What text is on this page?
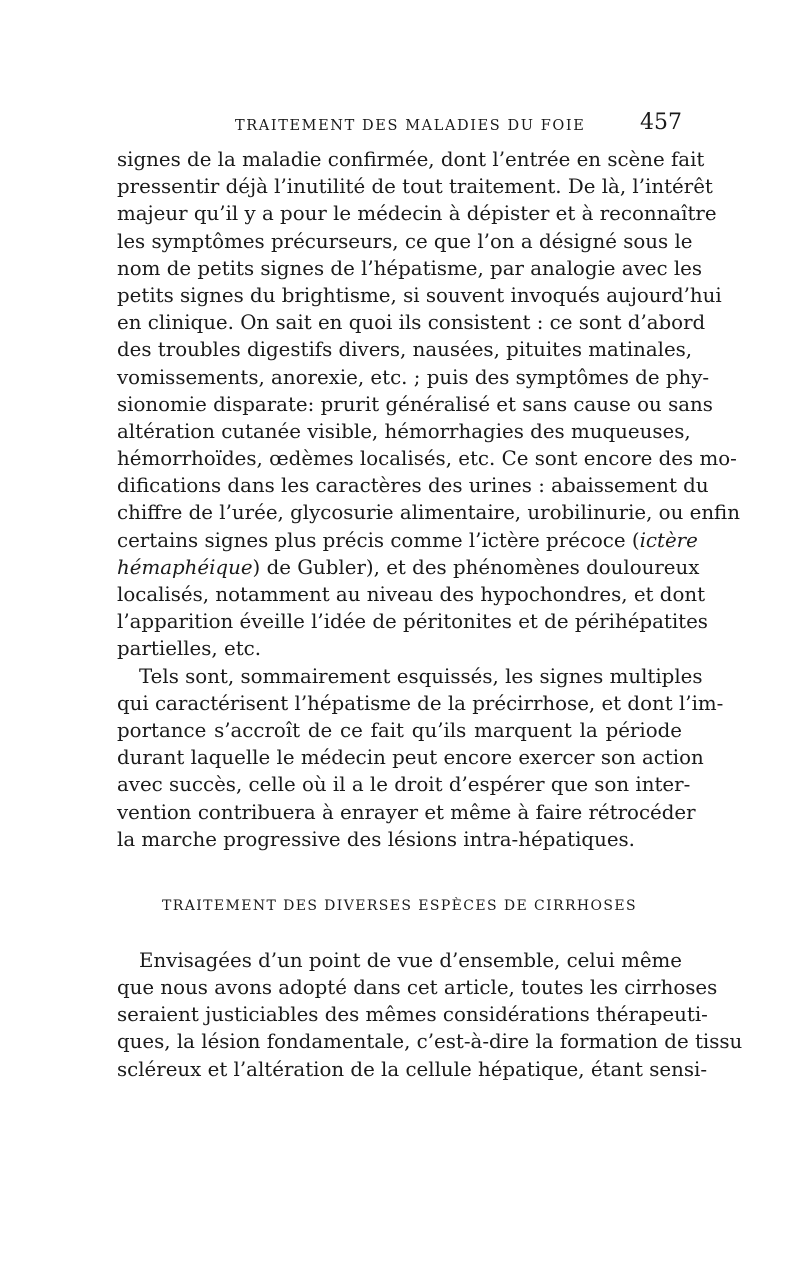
TRAITEMENT DES MALADIES DU FOIE 457
signes de la maladie confirmée, dont l’entrée en scène fait
pressentir déjà l’inutilité de tout traitement. De là, l’intérêt
majeur qu’il y a pour le médecin à dépister et à reconnaître
les symptômes précurseurs, ce que l’on a désigné sous le
nom de petits signes de l’hépatisme, par analogie avec les
petits signes du brightisme, si souvent invoqués aujourd’hui
en clinique. On sait en quoi ils consistent : ce sont d’abord
des troubles digestifs divers, nausées, pituites matinales,
vomissements, anorexie, etc. ; puis des symptômes de phy-
sionomie disparate: prurit généralisé et sans cause ou sans
altération cutanée visible, hémorrhagies des muqueuses,
hémorrhoïdes, œdèmes localisés, etc. Ce sont encore des mo-
difications dans les caractères des urines : abaissement du
chiffre de l’urée, glycosurie alimentaire, urobilinurie, ou enfin
certains signes plus précis comme l’ictère précoce (ictère
hémaphéique) de Gubler), et des phénomènes douloureux
localisés, notamment au niveau des hypochondres, et dont
l’apparition éveille l’idée de péritonites et de périhépatites
partielles, etc.
Tels sont, sommairement esquissés, les signes multiples
qui caractérisent l’hépatisme de la précirrhose, et dont l’im-
portance s’accroît de ce fait qu’ils marquent la période
durant laquelle le médecin peut encore exercer son action
avec succès, celle où il a le droit d’espérer que son inter-
vention contribuera à enrayer et même à faire rétrocéder
la marche progressive des lésions intra-hépatiques.
TRAITEMENT DES DIVERSES ESPÈCES DE CIRRHOSES
Envisagées d’un point de vue d’ensemble, celui même
que nous avons adopté dans cet article, toutes les cirrhoses
seraient justiciables des mêmes considérations thérapeuti-
ques, la lésion fondamentale, c’est-à-dire la formation de tissu
scléreux et l’altération de la cellule hépatique, étant sensi-
